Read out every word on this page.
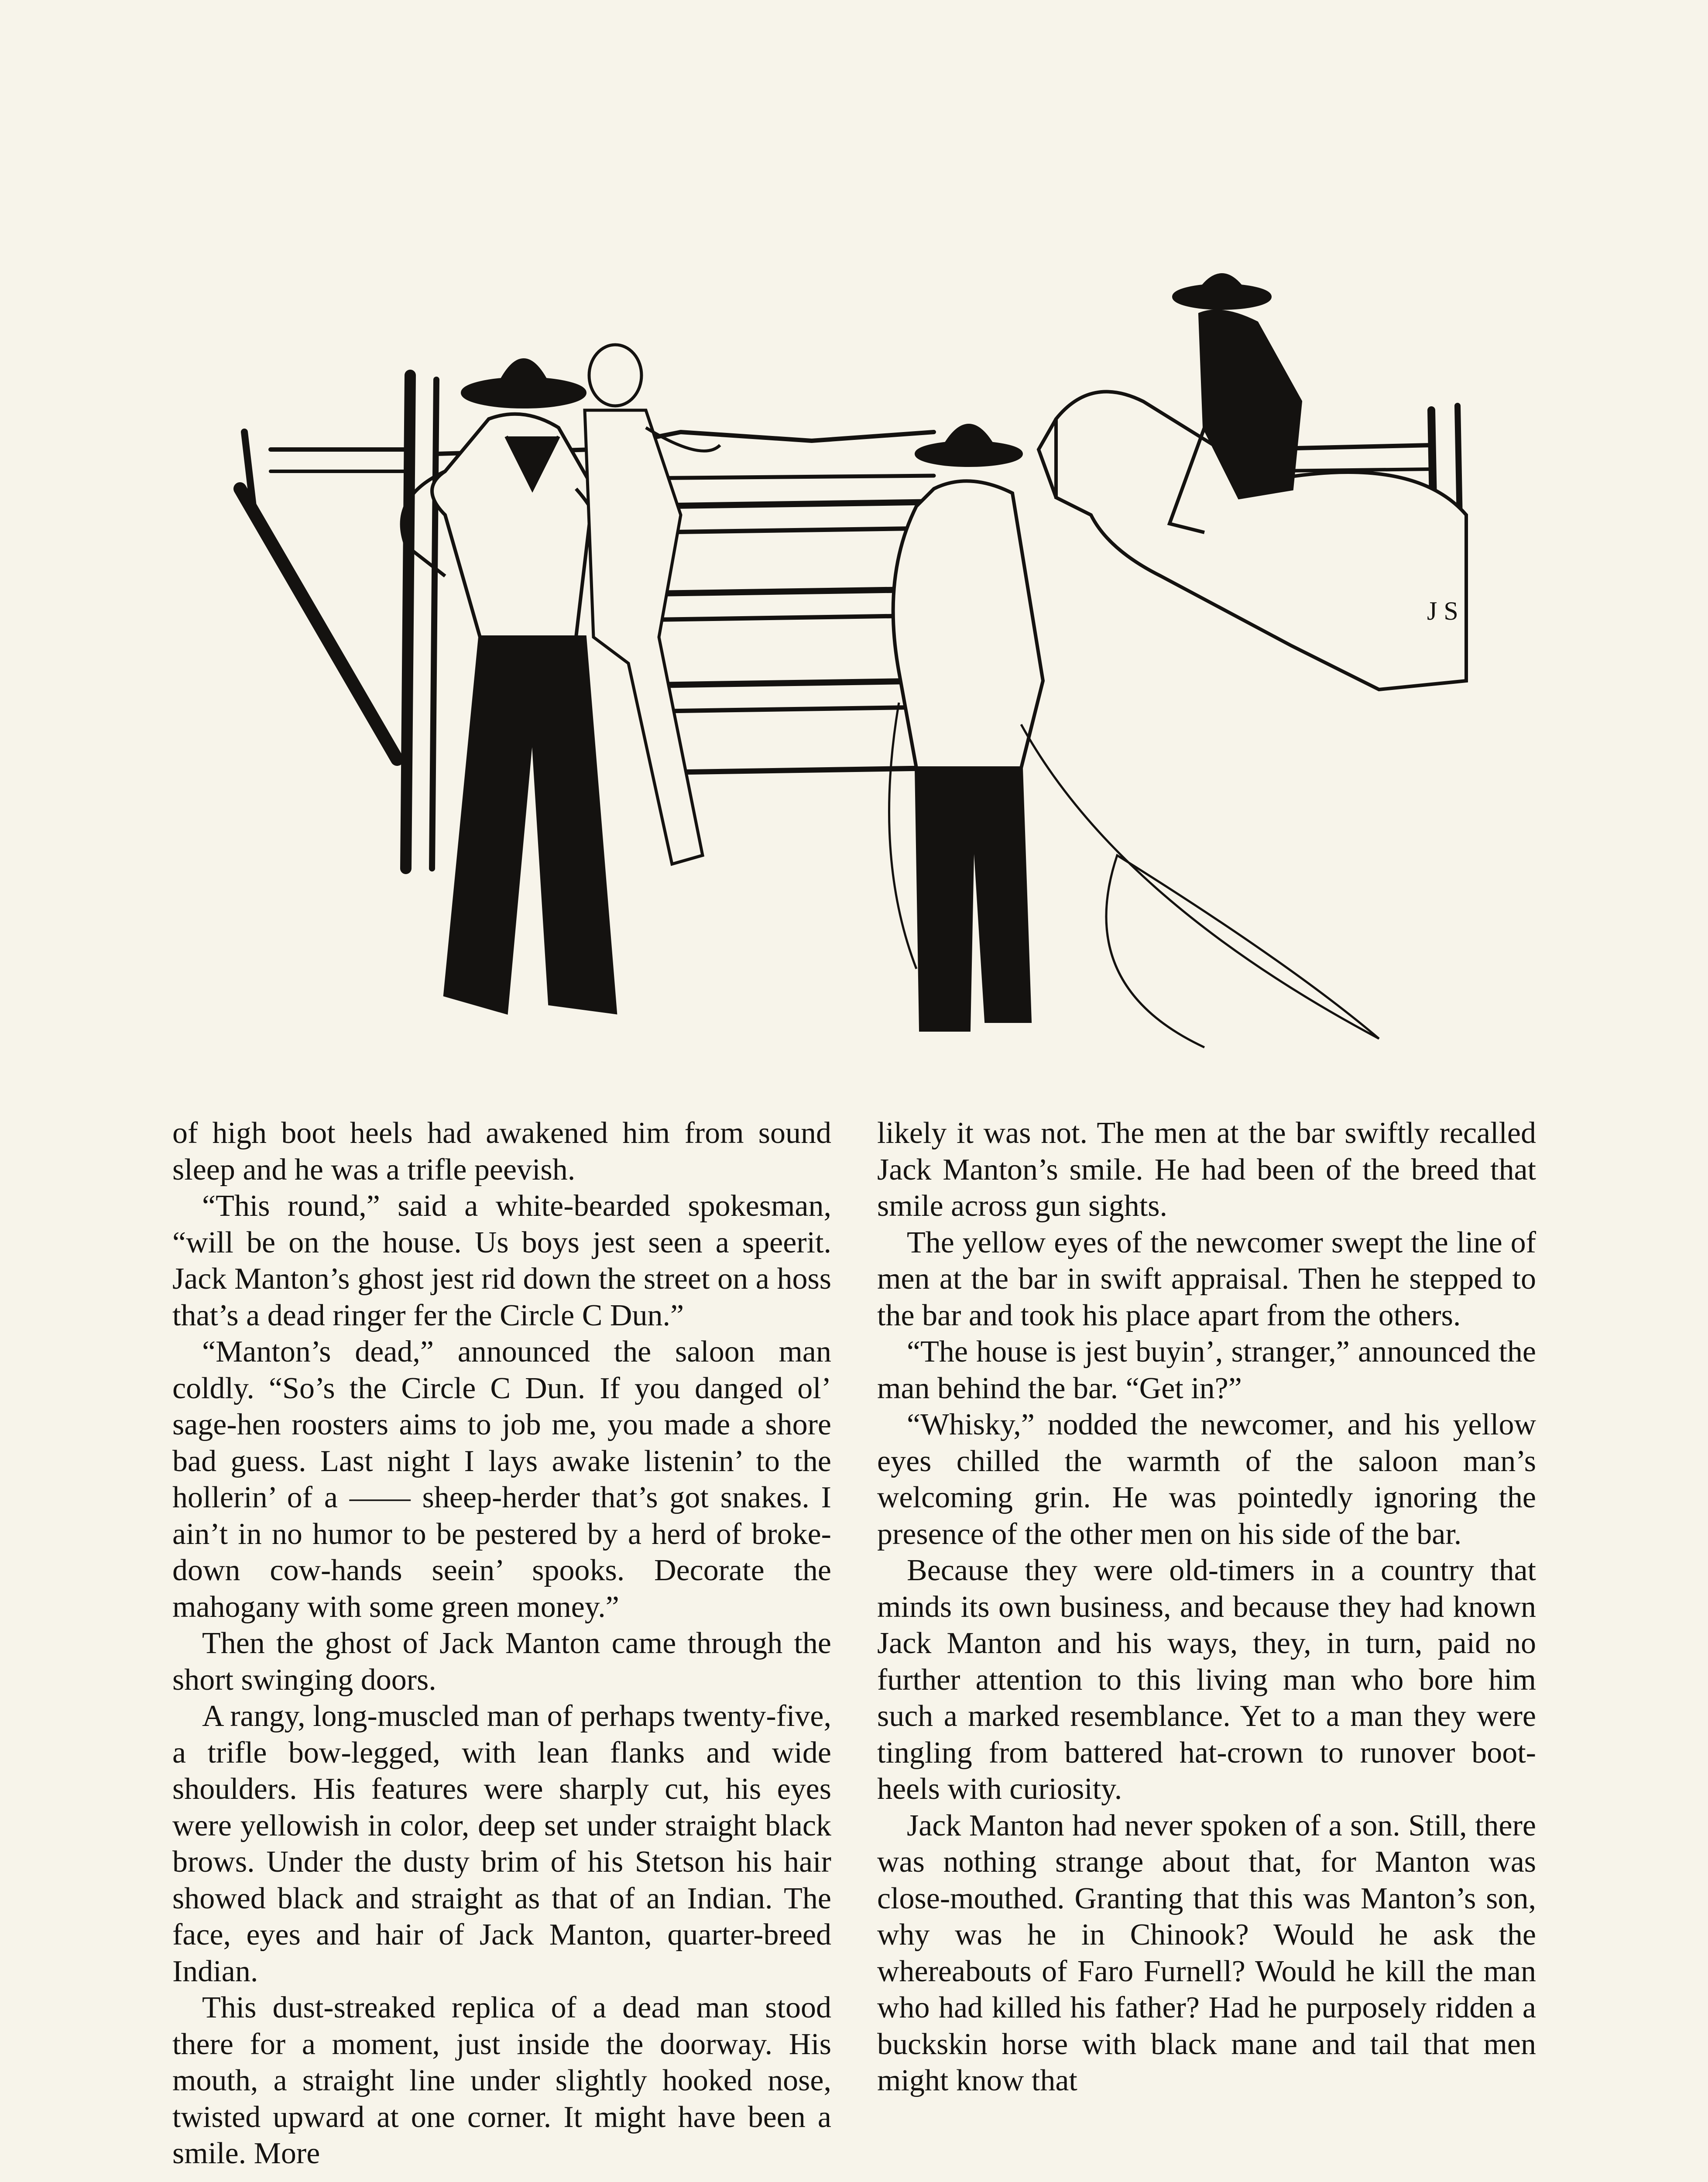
J S

of high boot heels had awakened him from sound sleep and he was a trifle peevish.

“This round,” said a white-bearded spokesman, “will be on the house. Us boys jest seen a speerit. Jack Manton’s ghost jest rid down the street on a hoss that’s a dead ringer fer the Circle C Dun.”

“Manton’s dead,” announced the saloon man coldly. “So’s the Circle C Dun. If you danged ol’ sage-hen roosters aims to job me, you made a shore bad guess. Last night I lays awake listenin’ to the hollerin’ of a —— sheep-herder that’s got snakes. I ain’t in no humor to be pestered by a herd of broke-down cow-hands seein’ spooks. Decorate the mahogany with some green money.”

Then the ghost of Jack Manton came through the short swinging doors.

A rangy, long-muscled man of perhaps twenty-five, a trifle bow-legged, with lean flanks and wide shoulders. His features were sharply cut, his eyes were yellowish in color, deep set under straight black brows. Under the dusty brim of his Stetson his hair showed black and straight as that of an Indian. The face, eyes and hair of Jack Manton, quarter-breed Indian.

This dust-streaked replica of a dead man stood there for a moment, just inside the doorway. His mouth, a straight line under slightly hooked nose, twisted upward at one corner. It might have been a smile. More

likely it was not. The men at the bar swiftly recalled Jack Manton’s smile. He had been of the breed that smile across gun sights.

The yellow eyes of the newcomer swept the line of men at the bar in swift appraisal. Then he stepped to the bar and took his place apart from the others.

“The house is jest buyin’, stranger,” announced the man behind the bar. “Get in?”

“Whisky,” nodded the newcomer, and his yellow eyes chilled the warmth of the saloon man’s welcoming grin. He was pointedly ignoring the presence of the other men on his side of the bar.

Because they were old-timers in a country that minds its own business, and because they had known Jack Manton and his ways, they, in turn, paid no further attention to this living man who bore him such a marked resemblance. Yet to a man they were tingling from battered hat-crown to runover boot-heels with curiosity.

Jack Manton had never spoken of a son. Still, there was nothing strange about that, for Manton was close-mouthed. Granting that this was Manton’s son, why was he in Chinook? Would he ask the whereabouts of Faro Furnell? Would he kill the man who had killed his father? Had he purposely ridden a buckskin horse with black mane and tail that men might know that
